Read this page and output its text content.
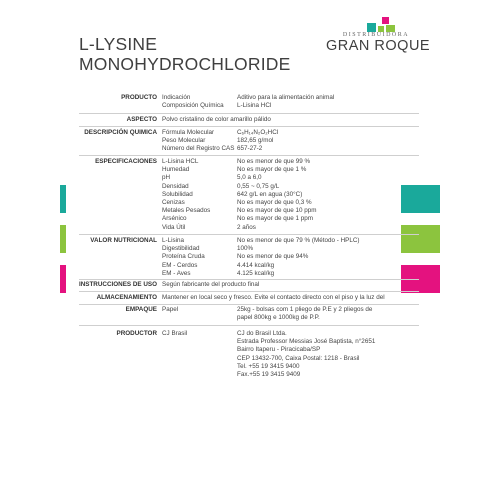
L-LYSINE
MONOHYDROCHLORIDE
DISTRIBUIDORA
GRAN ROQUE
PRODUCTO Indicación
Composición Química
Aditivo para la alimentación animal
L-Lisina HCl
ASPECTO Polvo cristalino de color amarillo pálido
DESCRIPCIÓN QUIMICA Fórmula Molecular
Peso Molecular
Número del Registro CAS
C₆H₁₄N₂O₂HCl
182,65 g/mol
657-27-2
ESPECIFICACIONES L-Lisina HCL
Humedad
pH
Densidad
Solubilidad
Cenizas
Metales Pesados
Arsénico
Vida Útil
No es menor de que 99 %
No es mayor de que 1 %
5,0 a 6,0
0,55 ~ 0,75 g/L
642 g/L en agua (30°C)
No es mayor de que 0,3 %
No es mayor de que 10 ppm
No es mayor de que 1 ppm
2 años
VALOR NUTRICIONAL L-Lisina
Digestibilidad
Proteína Cruda
EM - Cerdos
EM - Aves
No es menor de que 79 % (Método - HPLC)
100%
No es menor de que 94%
4.414 kcal/kg
4.125 kcal/kg
INSTRUCCIONES DE USO Según fabricante del producto final
ALMACENAMIENTO Mantener en local seco y fresco. Evite el contacto directo con el piso y la luz del
EMPAQUE Papel	25kg - bolsas com 1 pliego de P.E y 2 pliegos de
papel 800kg e 1000kg de P.P.
PRODUCTOR CJ Brasil	CJ do Brasil Ltda.
Estrada Professor Messias José Baptista, n°2651
Bairro Itaperu - Piracicaba/SP
CEP 13432-700, Caixa Postal: 1218 - Brasil
Tel. +55 19 3415 9400
Fax.+55 19 3415 9409
